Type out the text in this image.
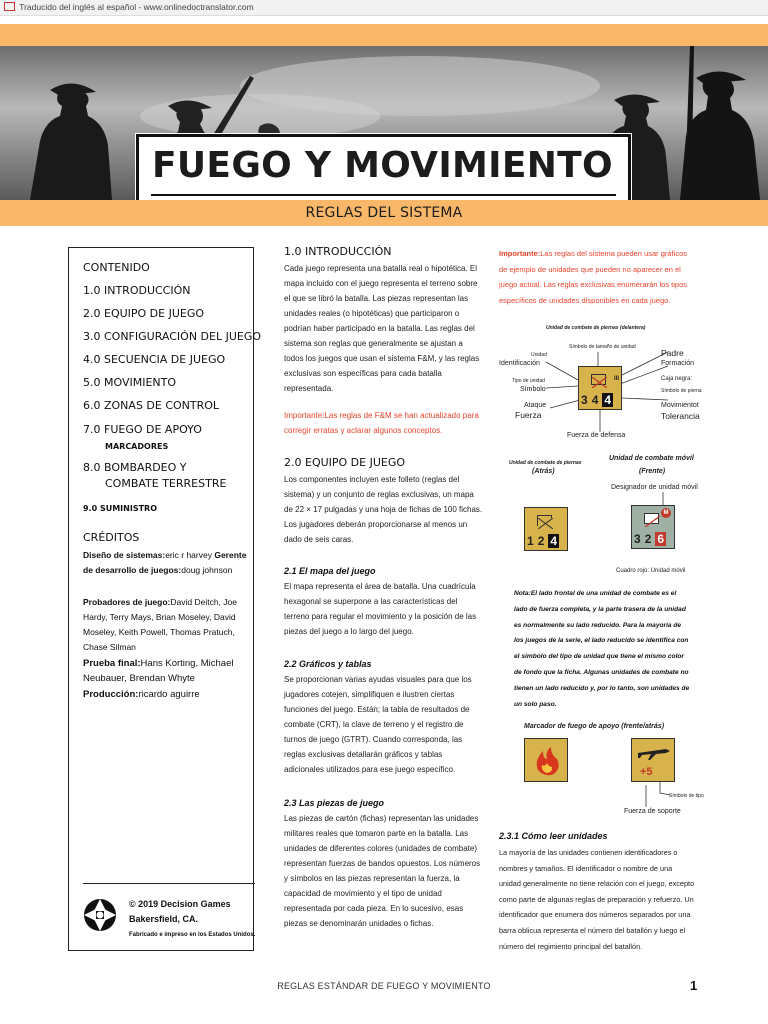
Traducido del inglés al español - www.onlinedoctranslator.com
FUEGO Y MOVIMIENTO
REGLAS DEL SISTEMA
CONTENIDO
1.0 INTRODUCCIÓN
2.0 EQUIPO DE JUEGO
3.0 CONFIGURACIÓN DEL JUEGO
4.0 SECUENCIA DE JUEGO
5.0 MOVIMIENTO
6.0 ZONAS DE CONTROL
7.0 FUEGO DE APOYO
MARCADORES
8.0 BOMBARDEO Y
COMBATE TERRESTRE
9.0 SUMINISTRO
CRÉDITOS
Diseño de sistemas:eric r harvey Gerente de desarrollo de juegos:doug johnson
Probadores de juego:David Deitch, Joe Hardy, Terry Mays, Brian Moseley, David Moseley, Keith Powell, Thomas Pratuch, Chase Silman
Prueba final:Hans Korting, Michael Neubauer, Brendan Whyte
Producción:ricardo aguirre
© 2019 Decision Games
Bakersfield, CA.
Fabricado e impreso en los Estados Unidos.
1.0 INTRODUCCIÓN
Cada juego representa una batalla real o hipotética. El mapa incluido con el juego representa el terreno sobre el que se libró la batalla. Las piezas representan las unidades reales (o hipotéticas) que participaron o podrían haber participado en la batalla. Las reglas del sistema son reglas que generalmente se ajustan a todos los juegos que usan el sistema F&M, y las reglas exclusivas son específicas para cada batalla representada.
Importante:Las reglas de F&M se han actualizado para corregir erratas y aclarar algunos conceptos.
2.0 EQUIPO DE JUEGO
Los componentes incluyen este folleto (reglas del sistema) y un conjunto de reglas exclusivas, un mapa de 22 × 17 pulgadas y una hoja de fichas de 100 fichas. Los jugadores deberán proporcionarse al menos un dado de seis caras.
2.1 El mapa del juego
El mapa representa el área de batalla. Una cuadrícula hexagonal se superpone a las características del terreno para regular el movimiento y la posición de las piezas del juego a lo largo del juego.
2.2 Gráficos y tablas
Se proporcionan varias ayudas visuales para que los jugadores cotejen, simplifiquen e ilustren ciertas funciones del juego. Están; la tabla de resultados de combate (CRT), la clave de terreno y el registro de turnos de juego (GTRT). Cuando corresponda, las reglas exclusivas detallarán gráficos y tablas adicionales utilizados para ese juego específico.
2.3 Las piezas de juego
Las piezas de cartón (fichas) representan las unidades militares reales que tomaron parte en la batalla. Las unidades de diferentes colores (unidades de combate) representan fuerzas de bandos opuestos. Los números y símbolos en las piezas representan la fuerza, la capacidad de movimiento y el tipo de unidad representada por cada pieza. En lo sucesivo, esas piezas se denominarán unidades o fichas.
Importante:Las reglas del sistema pueden usar gráficos de ejemplo de unidades que pueden no aparecer en el juego actual. Las reglas exclusivas enumerarán los tipos específicos de unidades disponibles en cada juego.
Unidad de combate de piernas (delantera)
Símbolo de tamaño de unidad
Unidad
Identificación
Tipo de unidad
Símbolo
Ataque
Fuerza
Padre
Formación
Caja negra:
Símbolo de pierna
Movimientot
Tolerancia
Fuerza de defensa
III
34 4
Unidad de combate de piernas
(Atrás)
12 4
Unidad de combate móvil
(Frente)
Designador de unidad móvil
M
32 6
Cuadro rojo: Unidad móvil
Nota:El lado frontal de una unidad de combate es el lado de fuerza completa, y la parte trasera de la unidad es normalmente su lado reducido. Para la mayoría de los juegos de la serie, el lado reducido se identifica con el símbolo del tipo de unidad que tiene el mismo color de fondo que la ficha. Algunas unidades de combate no tienen un lado reducido y, por lo tanto, son unidades de un solo paso.
Marcador de fuego de apoyo (frente/atrás)
+5
Símbolo de tipo
Fuerza de soporte
2.3.1 Cómo leer unidades
La mayoría de las unidades contienen identificadores o nombres y tamaños. El identificador o nombre de una unidad generalmente no tiene relación con el juego, excepto como parte de algunas reglas de preparación y refuerzo. Un identificador que enumera dos números separados por una barra oblicua representa el número del batallón y luego el número del regimiento principal del batallón.
REGLAS ESTÁNDAR DE FUEGO Y MOVIMIENTO	1
